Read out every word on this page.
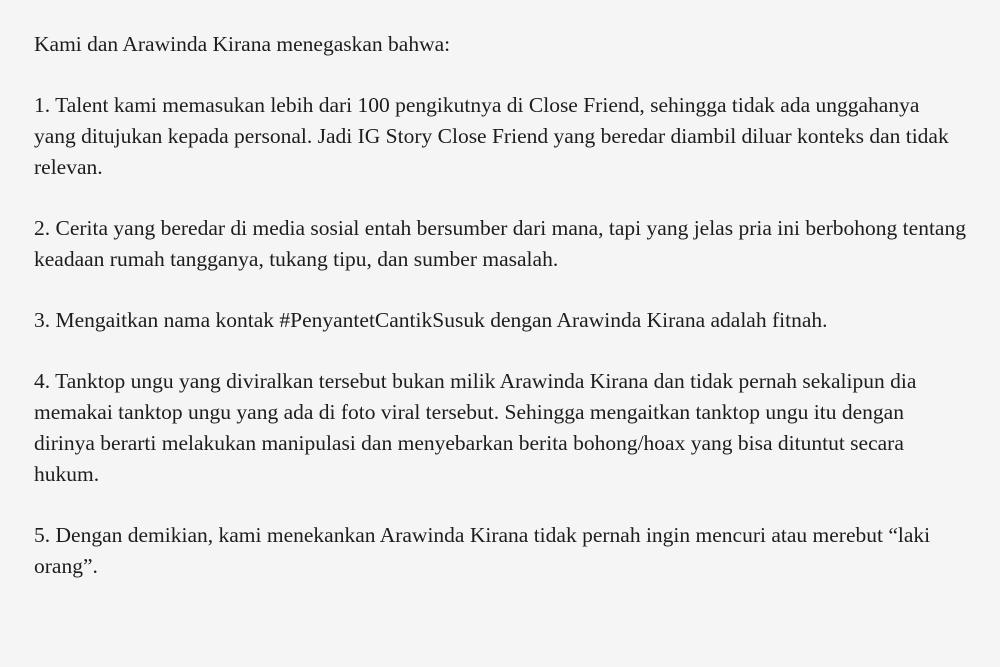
Kami dan Arawinda Kirana menegaskan bahwa:

1. Talent kami memasukan lebih dari 100 pengikutnya di Close Friend, sehingga tidak ada unggahanya yang ditujukan kepada personal. Jadi IG Story Close Friend yang beredar diambil diluar konteks dan tidak relevan.

2. Cerita yang beredar di media sosial entah bersumber dari mana, tapi yang jelas pria ini berbohong tentang keadaan rumah tangganya, tukang tipu, dan sumber masalah.

3. Mengaitkan nama kontak #PenyantetCantikSusuk dengan Arawinda Kirana adalah fitnah.

4. Tanktop ungu yang diviralkan tersebut bukan milik Arawinda Kirana dan tidak pernah sekalipun dia memakai tanktop ungu yang ada di foto viral tersebut. Sehingga mengaitkan tanktop ungu itu dengan dirinya berarti melakukan manipulasi dan menyebarkan berita bohong/hoax yang bisa dituntut secara hukum.

5. Dengan demikian, kami menekankan Arawinda Kirana tidak pernah ingin mencuri atau merebut “laki orang”.
